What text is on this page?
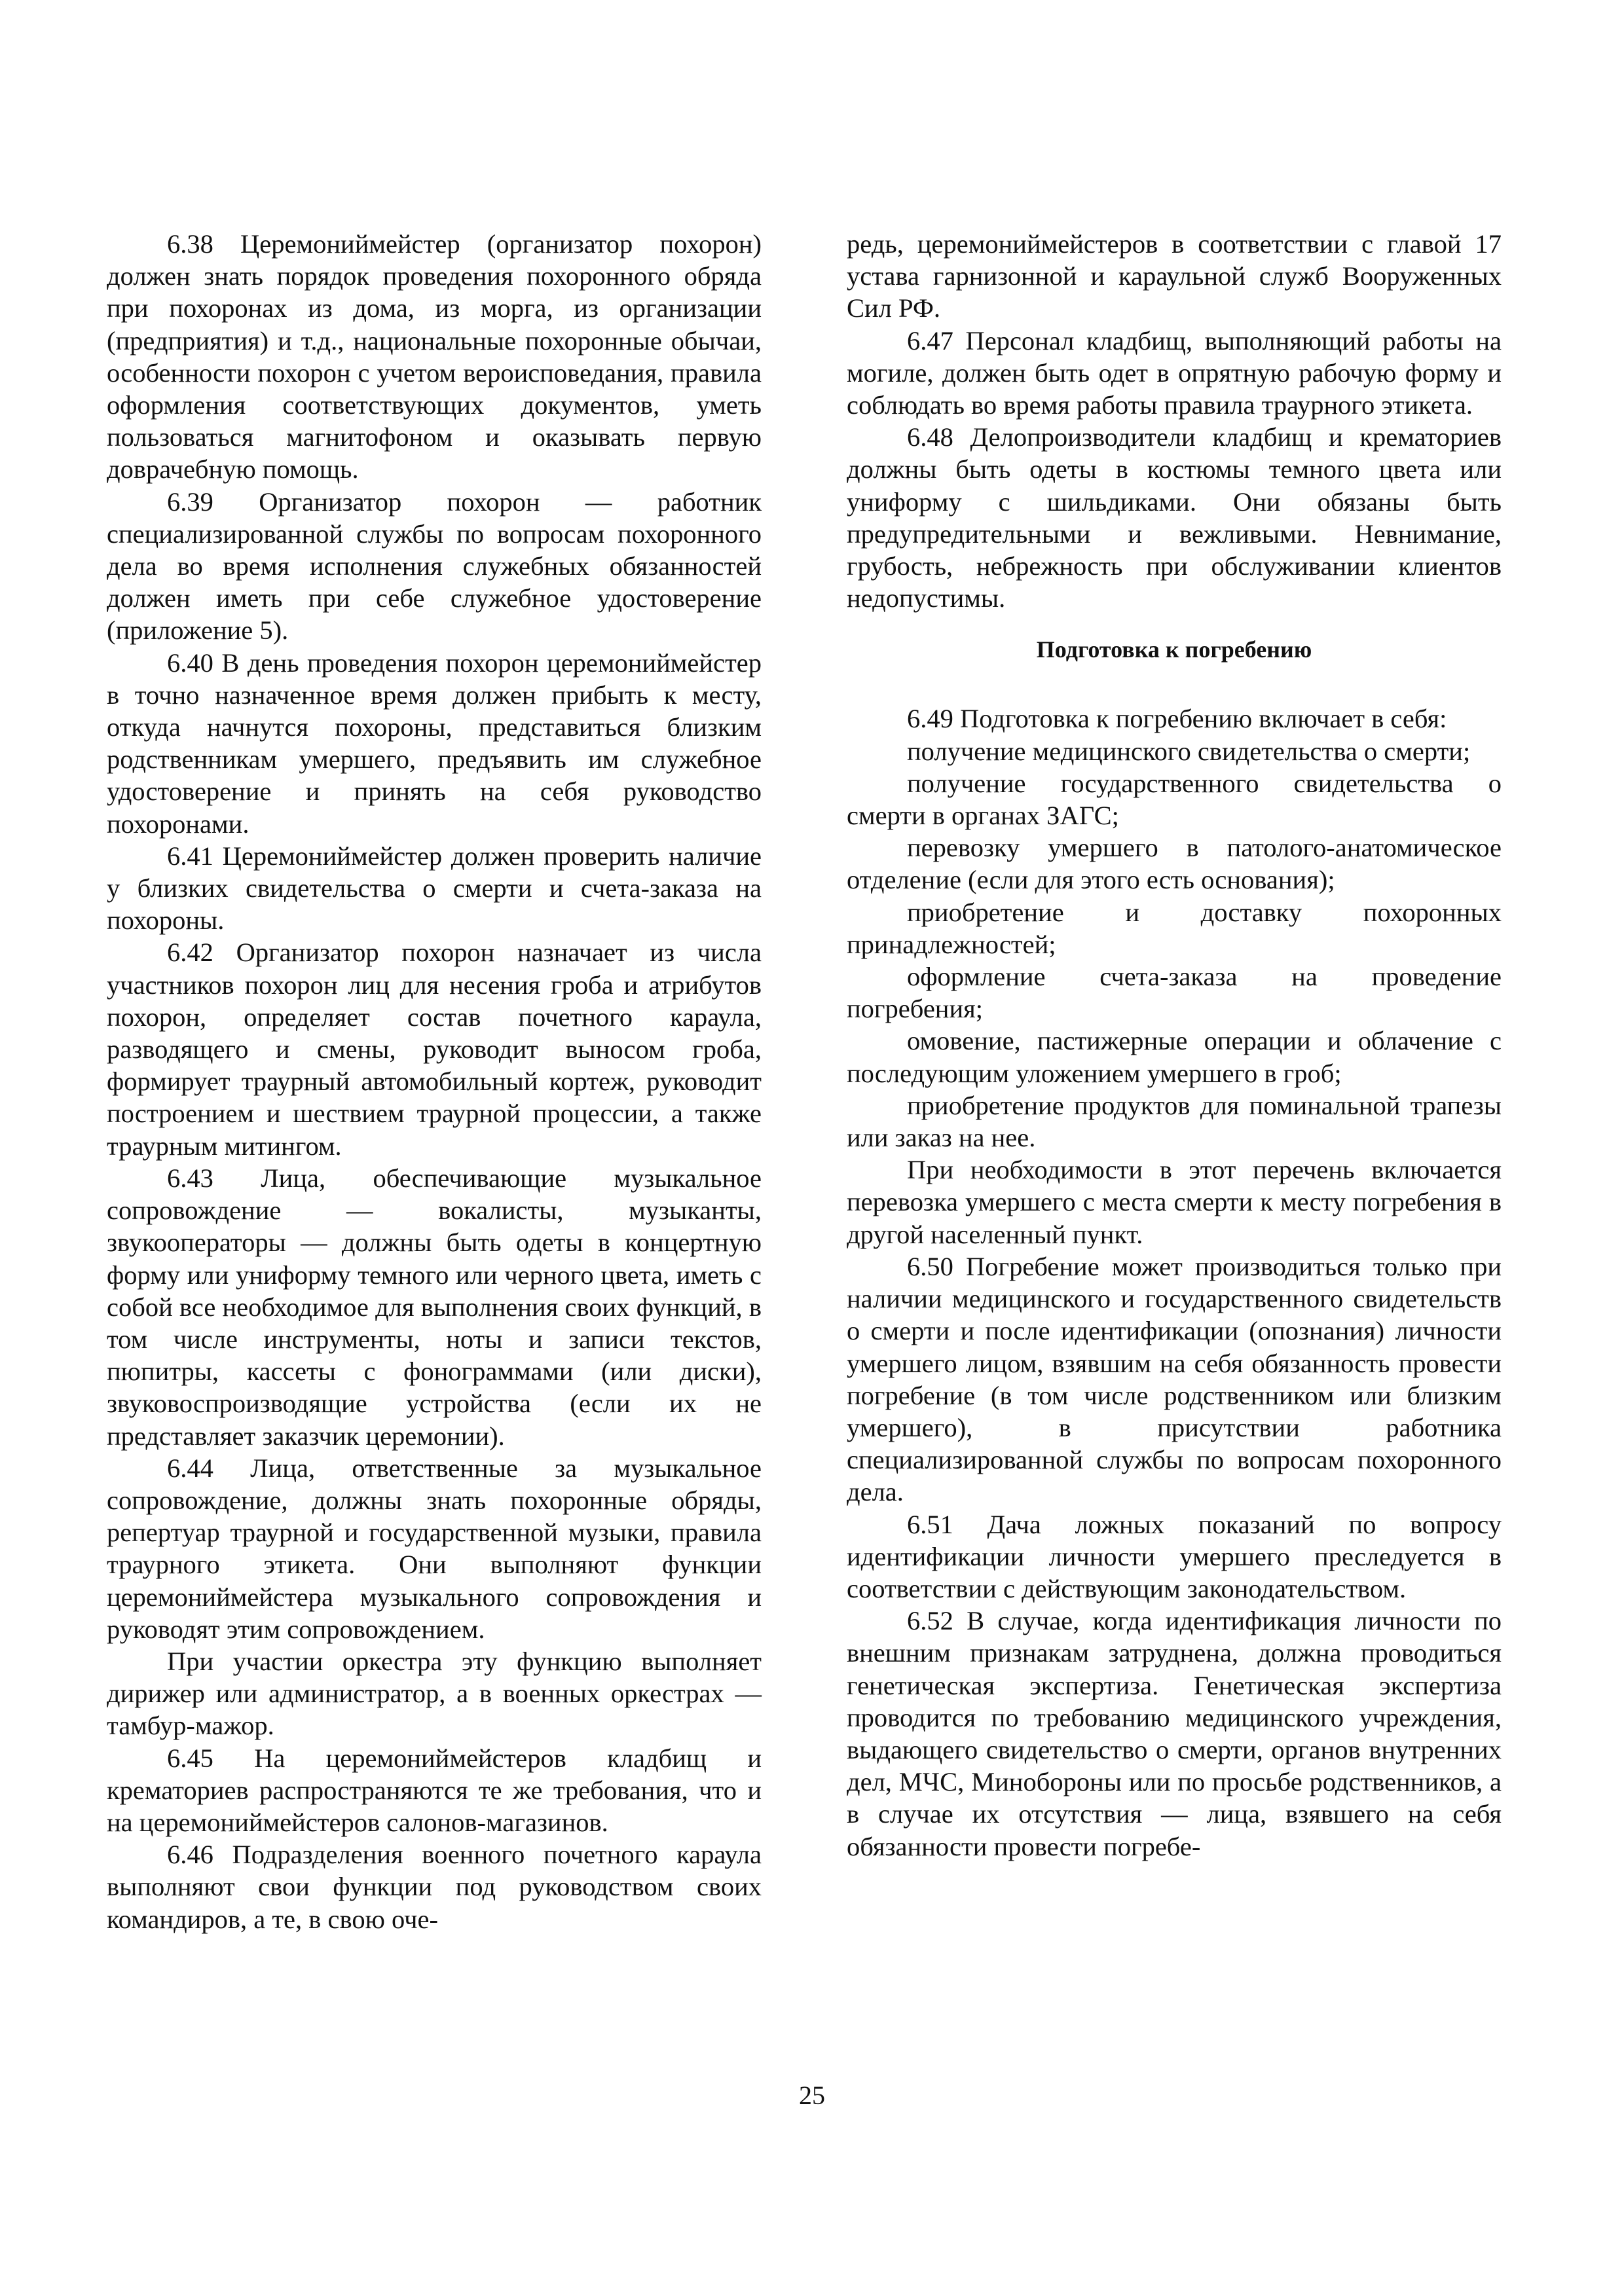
6.38 Церемониймейстер (организатор похорон) должен знать порядок проведения похоронного обряда при похоронах из дома, из морга, из организации (предприятия) и т.д., национальные похоронные обычаи, особенности похорон с учетом вероисповедания, правила оформления соответствующих документов, уметь пользоваться магнитофоном и оказывать первую доврачебную помощь.

6.39 Организатор похорон — работник специализированной службы по вопросам похоронного дела во время исполнения служебных обязанностей должен иметь при себе служебное удостоверение (приложение 5).

6.40 В день проведения похорон церемониймейстер в точно назначенное время должен прибыть к месту, откуда начнутся похороны, представиться близким родственникам умершего, предъявить им служебное удостоверение и принять на себя руководство похоронами.

6.41 Церемониймейстер должен проверить наличие у близких свидетельства о смерти и счета-заказа на похороны.

6.42 Организатор похорон назначает из числа участников похорон лиц для несения гроба и атрибутов похорон, определяет состав почетного караула, разводящего и смены, руководит выносом гроба, формирует траурный автомобильный кортеж, руководит построением и шествием траурной процессии, а также траурным митингом.

6.43 Лица, обеспечивающие музыкальное сопровождение — вокалисты, музыканты, звукооператоры — должны быть одеты в концертную форму или униформу темного или черного цвета, иметь с собой все необходимое для выполнения своих функций, в том числе инструменты, ноты и записи текстов, пюпитры, кассеты с фонограммами (или диски), звуковоспроизводящие устройства (если их не представляет заказчик церемонии).

6.44 Лица, ответственные за музыкальное сопровождение, должны знать похоронные обряды, репертуар траурной и государственной музыки, правила траурного этикета. Они выполняют функции церемониймейстера музыкального сопровождения и руководят этим сопровождением.

При участии оркестра эту функцию выполняет дирижер или администратор, а в военных оркестрах — тамбур-мажор.

6.45 На церемониймейстеров кладбищ и крематориев распространяются те же требования, что и на церемониймейстеров салонов-магазинов.

6.46 Подразделения военного почетного караула выполняют свои функции под руководством своих командиров, а те, в свою оче-

редь, церемониймейстеров в соответствии с главой 17 устава гарнизонной и караульной служб Вооруженных Сил РФ.

6.47 Персонал кладбищ, выполняющий работы на могиле, должен быть одет в опрятную рабочую форму и соблюдать во время работы правила траурного этикета.

6.48 Делопроизводители кладбищ и крематориев должны быть одеты в костюмы темного цвета или униформу с шильдиками. Они обязаны быть предупредительными и вежливыми. Невнимание, грубость, небрежность при обслуживании клиентов недопустимы.

Подготовка к погребению

6.49 Подготовка к погребению включает в себя:

получение медицинского свидетельства о смерти;

получение государственного свидетельства о смерти в органах ЗАГС;

перевозку умершего в патолого-анатомическое отделение (если для этого есть основания);

приобретение и доставку похоронных принадлежностей;

оформление счета-заказа на проведение погребения;

омовение, пастижерные операции и облачение с последующим уложением умершего в гроб;

приобретение продуктов для поминальной трапезы или заказ на нее.

При необходимости в этот перечень включается перевозка умершего с места смерти к месту погребения в другой населенный пункт.

6.50 Погребение может производиться только при наличии медицинского и государственного свидетельств о смерти и после идентификации (опознания) личности умершего лицом, взявшим на себя обязанность провести погребение (в том числе родственником или близким умершего), в присутствии работника специализированной службы по вопросам похоронного дела.

6.51 Дача ложных показаний по вопросу идентификации личности умершего преследуется в соответствии с действующим законодательством.

6.52 В случае, когда идентификация личности по внешним признакам затруднена, должна проводиться генетическая экспертиза. Генетическая экспертиза проводится по требованию медицинского учреждения, выдающего свидетельство о смерти, органов внутренних дел, МЧС, Минобороны или по просьбе родственников, а в случае их отсутствия — лица, взявшего на себя обязанности провести погребе-

25
